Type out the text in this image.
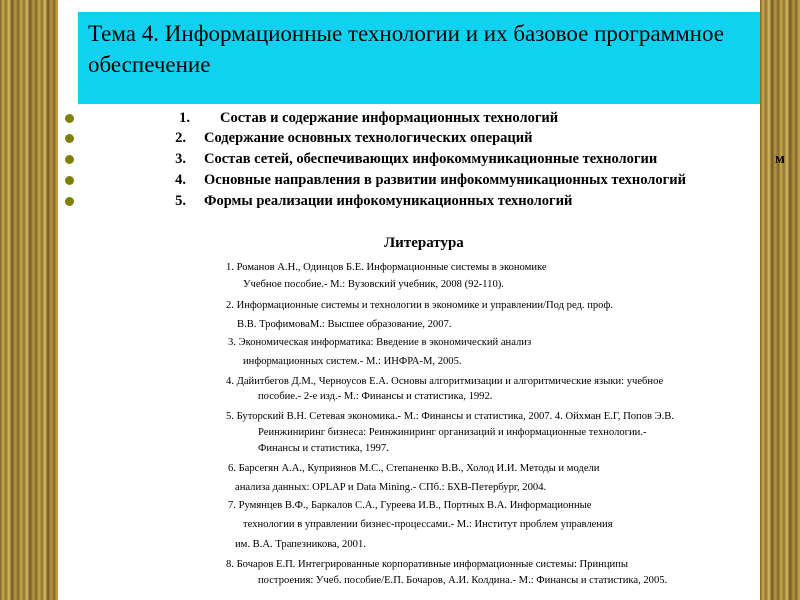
Тема 4. Информационные технологии и их базовое программное обеспечение
1. Состав и содержание информационных технологий
2. Содержание основных технологических операций
3. Состав сетей, обеспечивающих инфокоммуникационные технологии	м
4. Основные направления в развитии инфокоммуникационных технологий
5. Формы реализации инфокомуникационных технологий
Литература
1. Романов А.Н., Одинцов Б.Е. Информационные системы в экономике
Учебное пособие.- М.: Вузовский учебник, 2008 (92-110).
2. Информационные системы и технологии в экономике и управлении/Под ред. проф.
В.В. ТрофимоваМ.: Высшее образование, 2007.
3. Экономическая информатика: Введение в экономический анализ
информационных систем.- М.: ИНФРА-М, 2005.
4. Дайитбегов Д.М., Черноусов Е.А. Основы алгоритмизации и алгоритмические языки: учебное
пособие.- 2-е изд.- М.: Финансы и статистика, 1992.
5. Буторский В.Н. Сетевая экономика.- М.: Финансы и статистика, 2007. 4. Ойхман Е.Г, Попов Э.В.
Реинжиниринг бизнеса: Реинжиниринг организаций и информационные технологии.-
Финансы и статистика, 1997.
6. Барсегян А.А., Куприянов М.С., Степаненко В.В., Холод И.И. Методы и модели
анализа данных: OPLAP и Data Mining.- СПб.: БХВ-Петербург, 2004.
7. Румянцев В.Ф., Баркалов С.А., Гуреева И.В., Портных В.А. Информационные
технологии в управлении бизнес-процессами.- М.: Институт проблем управления
им. В.А. Трапезникова, 2001.
8. Бочаров Е.П. Интегрированные корпоративные информационные системы: Принципы
построения: Учеб. пособие/Е.П. Бочаров, А.И. Колдина.- М.: Финансы и статистика, 2005.
